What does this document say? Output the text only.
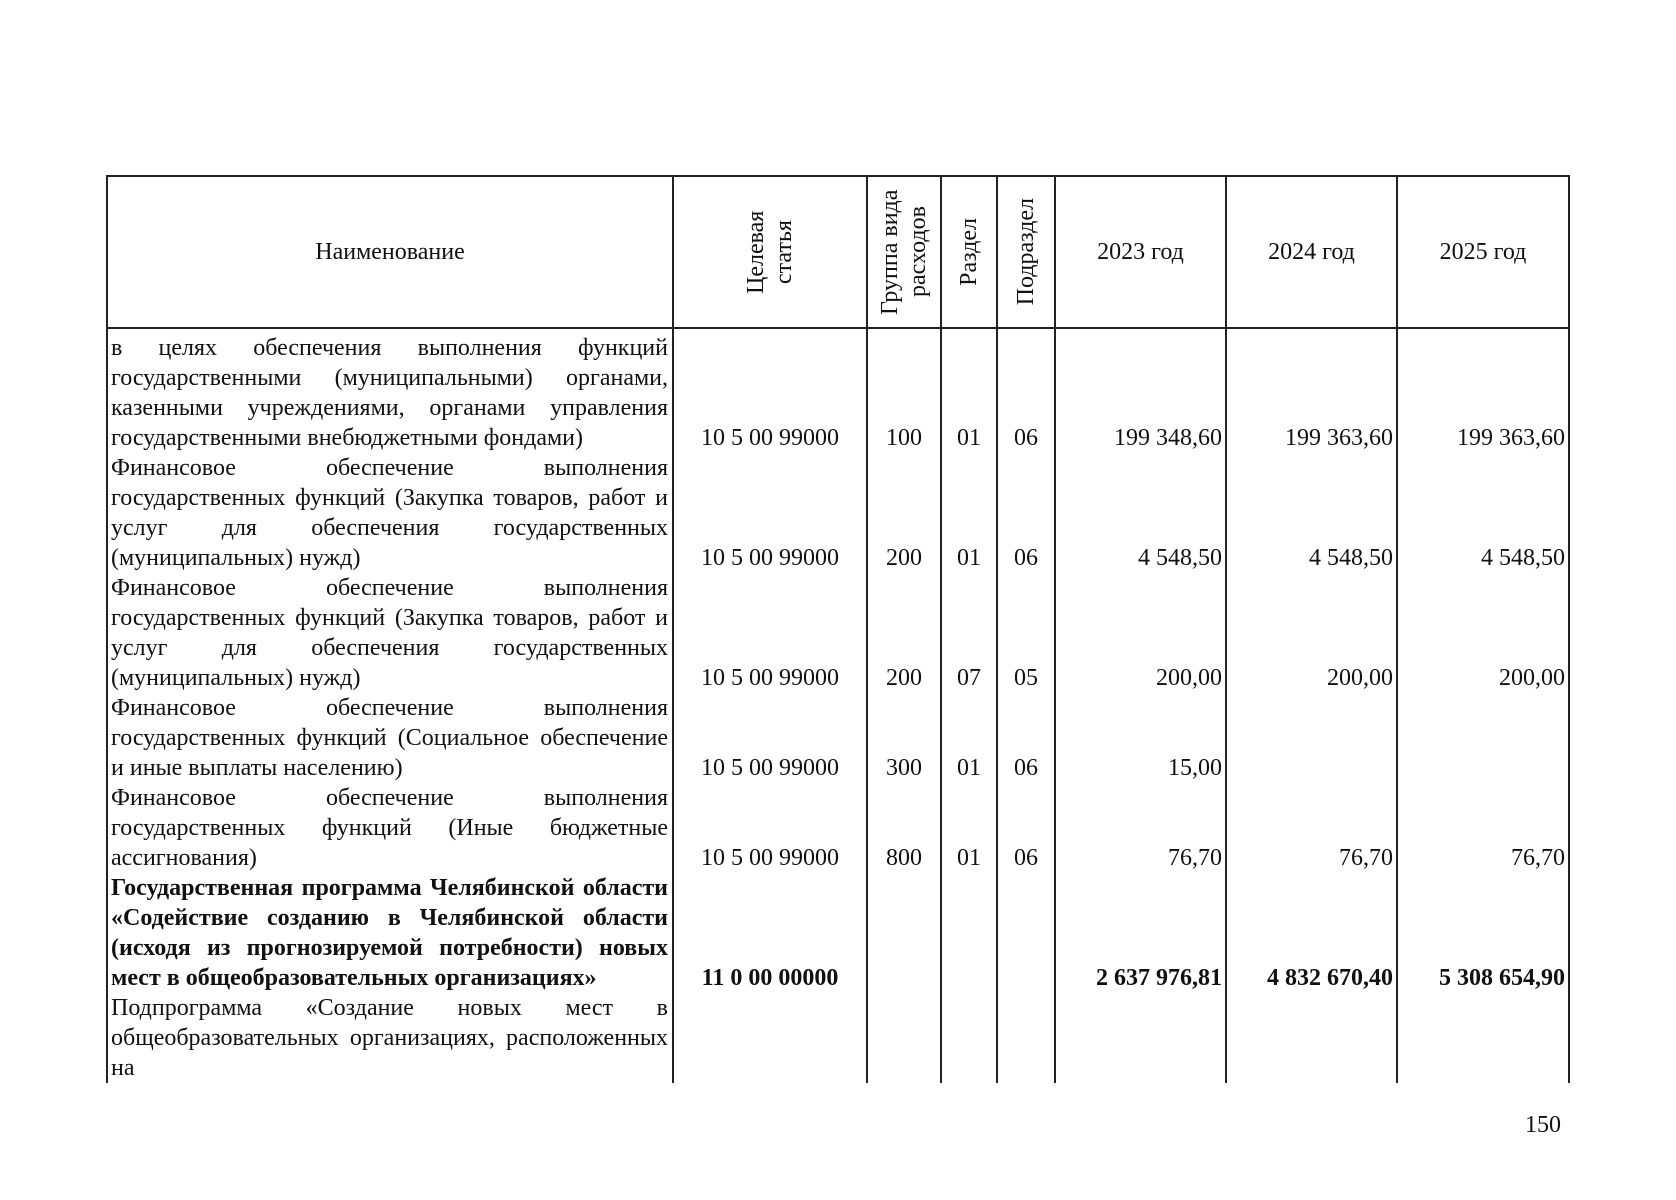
Наименование	Целевая статья	Группа вида расходов	Раздел	Подраздел	2023 год	2024 год	2025 год

в целях обеспечения выполнения функций государственными (муниципальными) органами, казенными учреждениями, органами управления государственными внебюджетными фондами)	10 5 00 99000	100	01	06	199 348,60	199 363,60	199 363,60
Финансовое обеспечение выполнения государственных функций (Закупка товаров, работ и услуг для обеспечения государственных (муниципальных) нужд)	10 5 00 99000	200	01	06	4 548,50	4 548,50	4 548,50
Финансовое обеспечение выполнения государственных функций (Закупка товаров, работ и услуг для обеспечения государственных (муниципальных) нужд)	10 5 00 99000	200	07	05	200,00	200,00	200,00
Финансовое обеспечение выполнения государственных функций (Социальное обеспечение и иные выплаты населению)	10 5 00 99000	300	01	06	15,00		
Финансовое обеспечение выполнения государственных функций (Иные бюджетные ассигнования)	10 5 00 99000	800	01	06	76,70	76,70	76,70
Государственная программа Челябинской области «Содействие созданию в Челябинской области (исходя из прогнозируемой потребности) новых мест в общеобразовательных организациях»	11 0 00 00000				2 637 976,81	4 832 670,40	5 308 654,90
Подпрограмма «Создание новых мест в общеобразовательных организациях, расположенных на							
150
